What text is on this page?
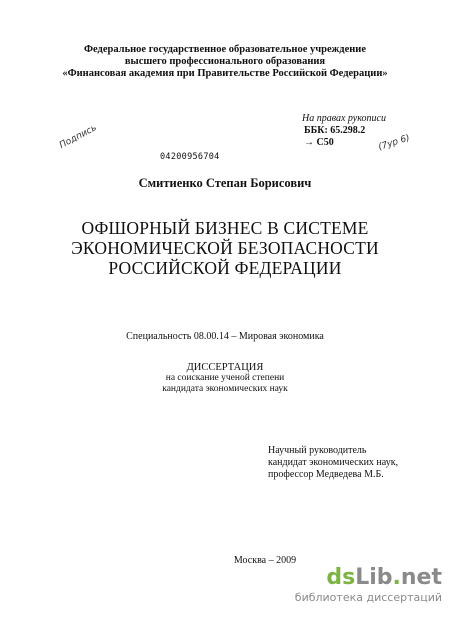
Федеральное государственное образовательное учреждение
высшего профессионального образования
«Финансовая академия при Правительстве Российской Федерации»
На правах рукописи
ББК: 65.298.2
→ С50
Подпись	(7ур 6)
04200956704
Смитиенко Степан Борисович
ОФШОРНЫЙ БИЗНЕС В СИСТЕМЕ
ЭКОНОМИЧЕСКОЙ БЕЗОПАСНОСТИ
РОССИЙСКОЙ ФЕДЕРАЦИИ
Специальность 08.00.14 – Мировая экономика
ДИССЕРТАЦИЯ
на соискание ученой степени
кандидата экономических наук
Научный руководитель
кандидат экономических наук,
профессор Медведева М.Б.
Москва – 2009
dsLib.net
библиотека диссертаций
